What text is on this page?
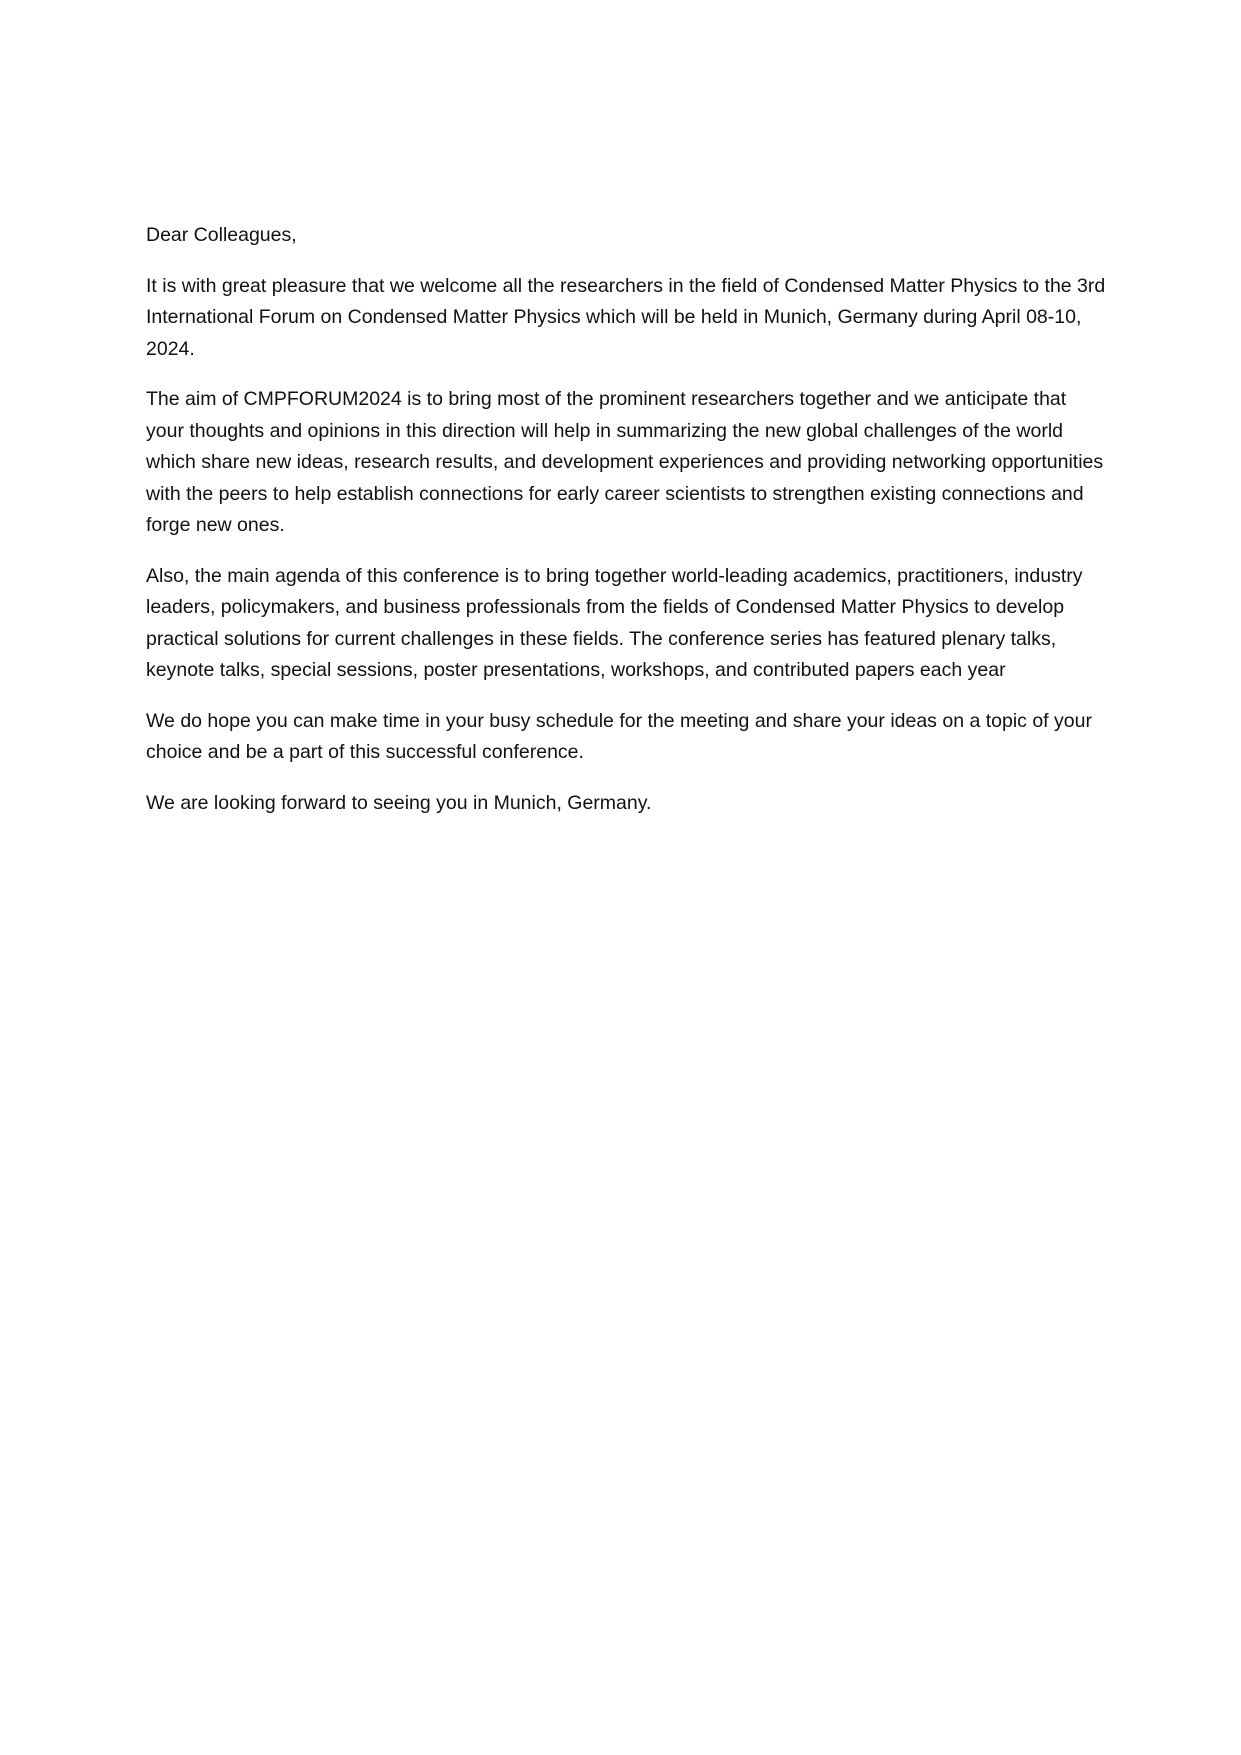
Dear Colleagues,

It is with great pleasure that we welcome all the researchers in the field of Condensed Matter Physics to the 3rd International Forum on Condensed Matter Physics which will be held in Munich, Germany during April 08-10, 2024.

The aim of CMPFORUM2024 is to bring most of the prominent researchers together and we anticipate that your thoughts and opinions in this direction will help in summarizing the new global challenges of the world which share new ideas, research results, and development experiences and providing networking opportunities with the peers to help establish connections for early career scientists to strengthen existing connections and forge new ones.

Also, the main agenda of this conference is to bring together world-leading academics, practitioners, industry leaders, policymakers, and business professionals from the fields of Condensed Matter Physics to develop practical solutions for current challenges in these fields. The conference series has featured plenary talks, keynote talks, special sessions, poster presentations, workshops, and contributed papers each year

We do hope you can make time in your busy schedule for the meeting and share your ideas on a topic of your choice and be a part of this successful conference.

We are looking forward to seeing you in Munich, Germany.
